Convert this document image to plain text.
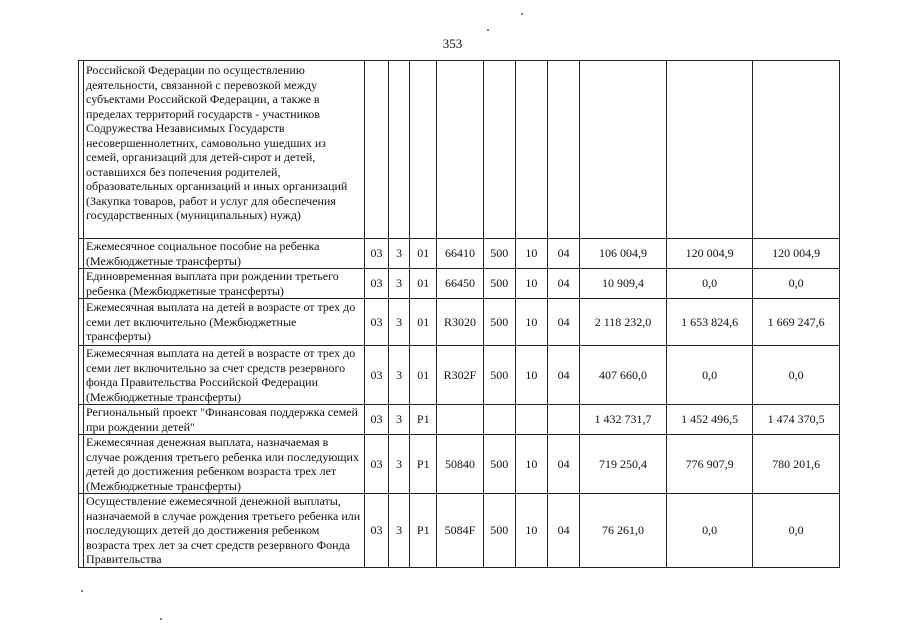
353
	Российской Федерации по осуществлению деятельности, связанной с перевозкой между субъектами Российской Федерации, а также в пределах территорий государств - участников Содружества Независимых Государств несовершеннолетних, самовольно ушедших из семей, организаций для детей-сирот и детей, оставшихся без попечения родителей, образовательных организаций и иных организаций (Закупка товаров, работ и услуг для обеспечения государственных (муниципальных) нужд)										
	Ежемесячное социальное пособие на ребенка (Межбюджетные трансферты)	03	3	01	66410	500	10	04	106 004,9	120 004,9	120 004,9
	Единовременная выплата при рождении третьего ребенка (Межбюджетные трансферты)	03	3	01	66450	500	10	04	10 909,4	0,0	0,0
	Ежемесячная выплата на детей в возрасте от трех до семи лет включительно (Межбюджетные трансферты)	03	3	01	R3020	500	10	04	2 118 232,0	1 653 824,6	1 669 247,6
	Ежемесячная выплата на детей в возрасте от трех до семи лет включительно за счет средств резервного фонда Правительства Российской Федерации (Межбюджетные трансферты)	03	3	01	R302F	500	10	04	407 660,0	0,0	0,0
	Региональный проект "Финансовая поддержка семей при рождении детей"	03	3	P1					1 432 731,7	1 452 496,5	1 474 370,5
	Ежемесячная денежная выплата, назначаемая в случае рождения третьего ребенка или последующих детей до достижения ребенком возраста трех лет (Межбюджетные трансферты)	03	3	P1	50840	500	10	04	719 250,4	776 907,9	780 201,6
	Осуществление ежемесячной денежной выплаты, назначаемой в случае рождения третьего ребенка или последующих детей до достижения ребенком возраста трех лет за счет средств резервного Фонда Правительства	03	3	P1	5084F	500	10	04	76 261,0	0,0	0,0
